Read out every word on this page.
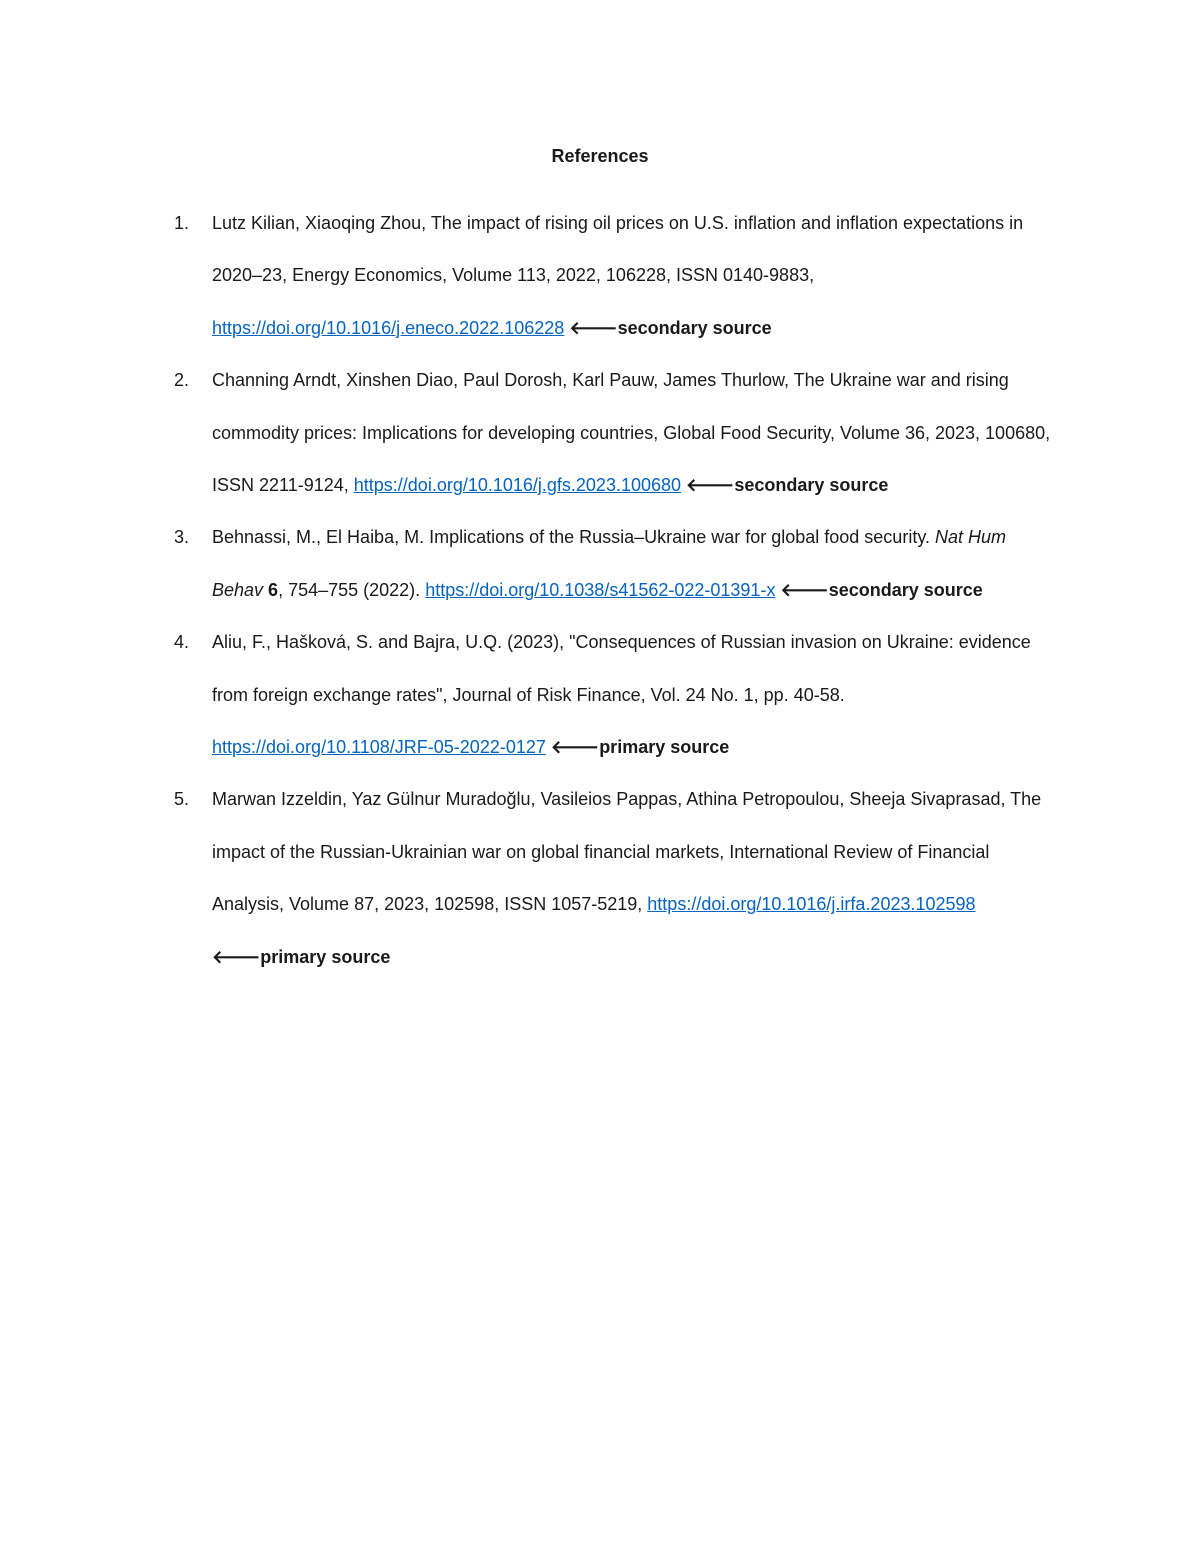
References
1. Lutz Kilian, Xiaoqing Zhou, The impact of rising oil prices on U.S. inflation and inflation expectations in 2020–23, Energy Economics, Volume 113, 2022, 106228, ISSN 0140-9883, https://doi.org/10.1016/j.eneco.2022.106228 🡐secondary source
2. Channing Arndt, Xinshen Diao, Paul Dorosh, Karl Pauw, James Thurlow, The Ukraine war and rising commodity prices: Implications for developing countries, Global Food Security, Volume 36, 2023, 100680, ISSN 2211-9124, https://doi.org/10.1016/j.gfs.2023.100680 🡐secondary source
3. Behnassi, M., El Haiba, M. Implications of the Russia–Ukraine war for global food security. Nat Hum Behav 6, 754–755 (2022). https://doi.org/10.1038/s41562-022-01391-x 🡐secondary source
4. Aliu, F., Hašková, S. and Bajra, U.Q. (2023), "Consequences of Russian invasion on Ukraine: evidence from foreign exchange rates", Journal of Risk Finance, Vol. 24 No. 1, pp. 40-58. https://doi.org/10.1108/JRF-05-2022-0127 🡐primary source
5. Marwan Izzeldin, Yaz Gülnur Muradoğlu, Vasileios Pappas, Athina Petropoulou, Sheeja Sivaprasad, The impact of the Russian-Ukrainian war on global financial markets, International Review of Financial Analysis, Volume 87, 2023, 102598, ISSN 1057-5219, https://doi.org/10.1016/j.irfa.2023.102598 🡐primary source
